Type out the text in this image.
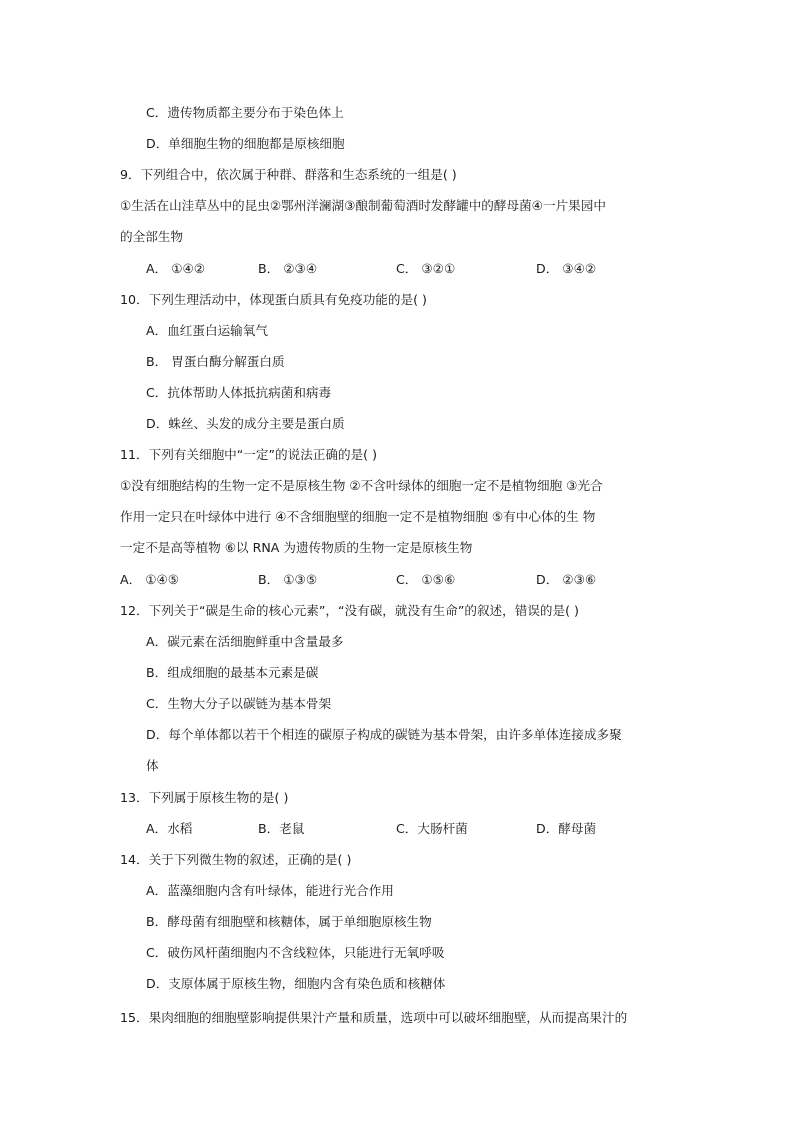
C．遗传物质都主要分布于染色体上
D．单细胞生物的细胞都是原核细胞
9．下列组合中，依次属于种群、群落和生态系统的一组是( )
①生活在山洼草丛中的昆虫②鄂州洋澜湖③酿制葡萄酒时发酵罐中的酵母菌④一片果园中
的全部生物
10．下列生理活动中，体现蛋白质具有免疫功能的是( )
A．血红蛋白运输氧气
B． 胃蛋白酶分解蛋白质
C．抗体帮助人体抵抗病菌和病毒
D．蛛丝、头发的成分主要是蛋白质
11．下列有关细胞中“一定”的说法正确的是( )
①没有细胞结构的生物一定不是原核生物 ②不含叶绿体的细胞一定不是植物细胞 ③光合
作用一定只在叶绿体中进行 ④不含细胞壁的细胞一定不是植物细胞 ⑤有中心体的生 物
一定不是高等植物 ⑥以 RNA 为遗传物质的生物一定是原核生物
12．下列关于“碳是生命的核心元素”，“没有碳，就没有生命”的叙述，错误的是( )
A．碳元素在活细胞鲜重中含量最多
B．组成细胞的最基本元素是碳
C．生物大分子以碳链为基本骨架
D．每个单体都以若干个相连的碳原子构成的碳链为基本骨架，由许多单体连接成多聚
体
13．下列属于原核生物的是( )
14．关于下列微生物的叙述，正确的是( )
A．蓝藻细胞内含有叶绿体，能进行光合作用
B．酵母菌有细胞壁和核糖体，属于单细胞原核生物
C．破伤风杆菌细胞内不含线粒体，只能进行无氧呼吸
D．支原体属于原核生物，细胞内含有染色质和核糖体
15．果肉细胞的细胞壁影响提供果汁产量和质量，选项中可以破坏细胞壁，从而提高果汁的
A． ①④②	B． ②③④	C． ③②①	D． ③④②
A． ①④⑤	B． ①③⑤	C． ①⑤⑥	D． ②③⑥
A．水稻	B．老鼠	C．大肠杆菌	D．酵母菌
